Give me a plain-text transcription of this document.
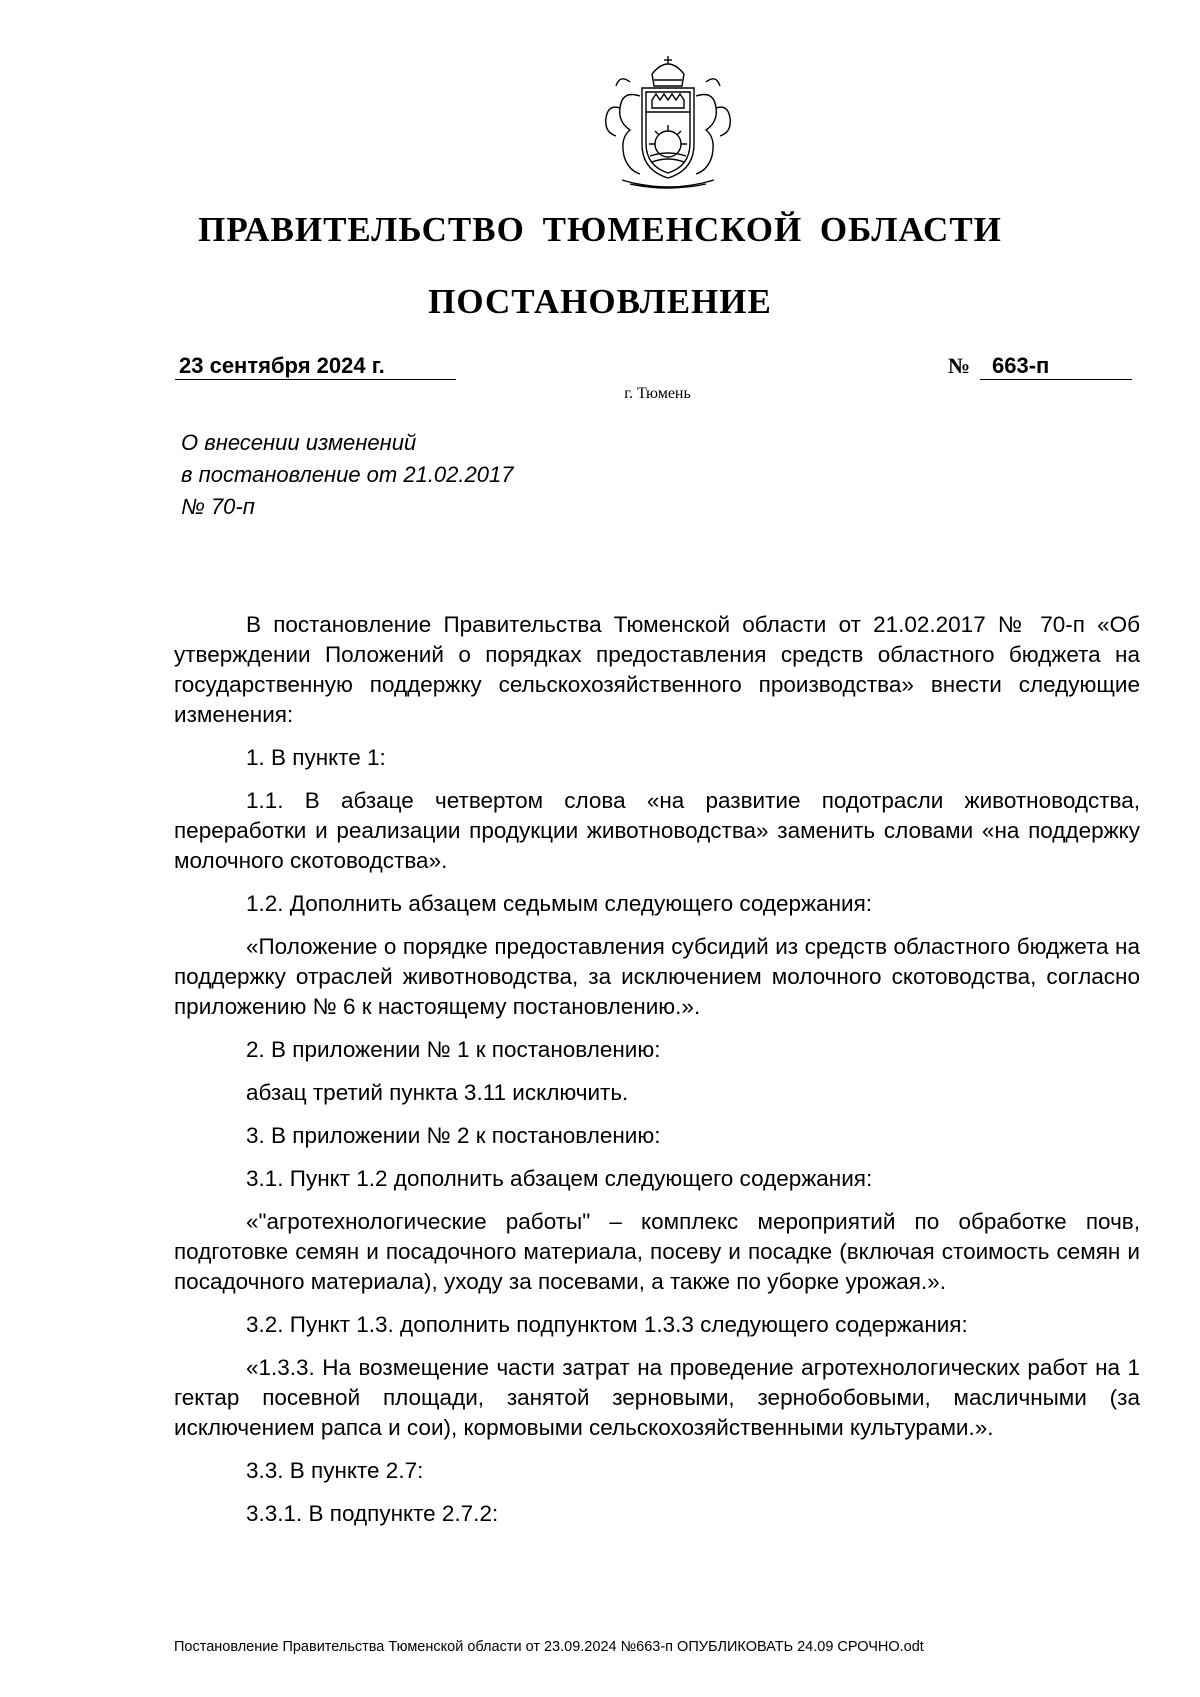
ПРАВИТЕЛЬСТВО ТЮМЕНСКОЙ ОБЛАСТИ
ПОСТАНОВЛЕНИЕ
23 сентября 2024 г.	№ 663-п
г. Тюмень
О внесении изменений
в постановление от 21.02.2017
№ 70-п

В постановление Правительства Тюменской области от 21.02.2017 № 70-п «Об утверждении Положений о порядках предоставления средств областного бюджета на государственную поддержку сельскохозяйственного производства» внести следующие изменения:

1. В пункте 1:

1.1. В абзаце четвертом слова «на развитие подотрасли животноводства, переработки и реализации продукции животноводства» заменить словами «на поддержку молочного скотоводства».

1.2. Дополнить абзацем седьмым следующего содержания:

«Положение о порядке предоставления субсидий из средств областного бюджета на поддержку отраслей животноводства, за исключением молочного скотоводства, согласно приложению № 6 к настоящему постановлению.».

2. В приложении № 1 к постановлению:

абзац третий пункта 3.11 исключить.

3. В приложении № 2 к постановлению:

3.1. Пункт 1.2 дополнить абзацем следующего содержания:

«"агротехнологические работы" – комплекс мероприятий по обработке почв, подготовке семян и посадочного материала, посеву и посадке (включая стоимость семян и посадочного материала), уходу за посевами, а также по уборке урожая.».

3.2. Пункт 1.3. дополнить подпунктом 1.3.3 следующего содержания:

«1.3.3. На возмещение части затрат на проведение агротехнологических работ на 1 гектар посевной площади, занятой зерновыми, зернобобовыми, масличными (за исключением рапса и сои), кормовыми сельскохозяйственными культурами.».

3.3. В пункте 2.7:

3.3.1. В подпункте 2.7.2:

Постановление Правительства Тюменской области от 23.09.2024 №663-п ОПУБЛИКОВАТЬ 24.09 СРОЧНО.odt
